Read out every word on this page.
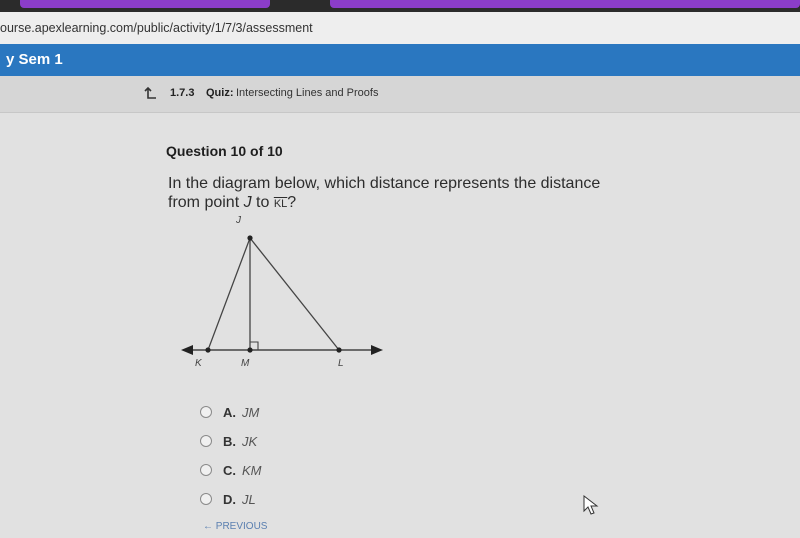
ourse.apexlearning.com/public/activity/1/7/3/assessment
y Sem 1
1.7.3 Quiz: Intersecting Lines and Proofs
Question 10 of 10
In the diagram below, which distance represents the distance
from point J to $\overline{KL}$?
J
K	M	L
A. JM
B. JK
C. KM
D. JL
← PREVIOUS
